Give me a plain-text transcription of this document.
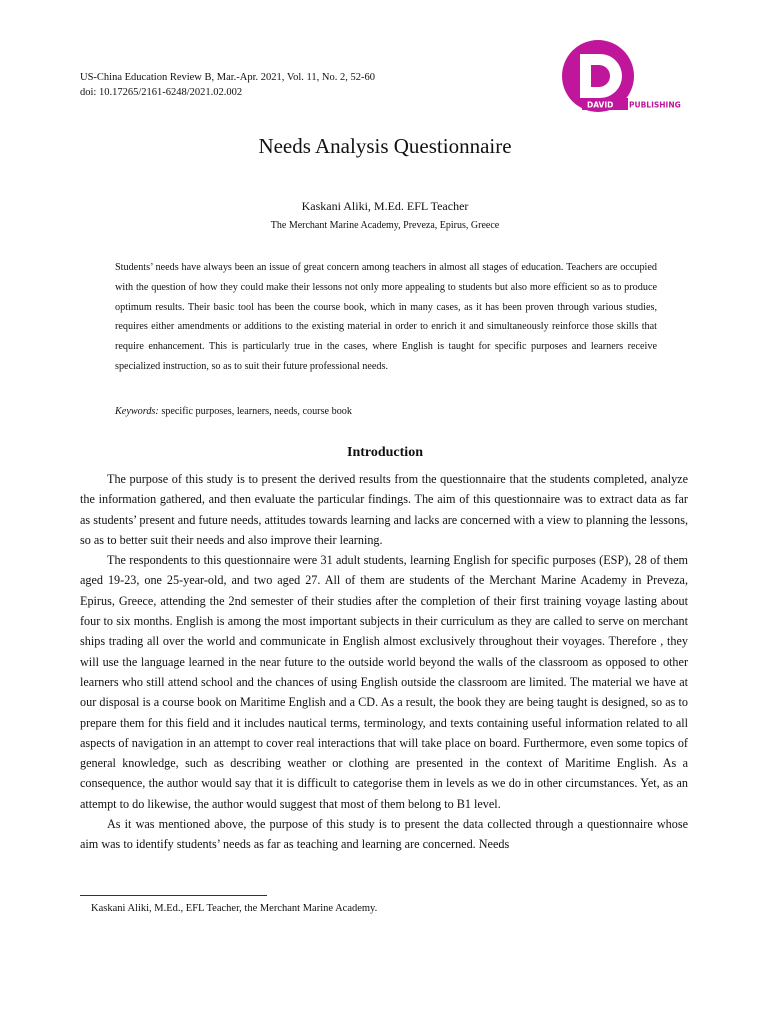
US-China Education Review B, Mar.-Apr. 2021, Vol. 11, No. 2, 52-60
doi: 10.17265/2161-6248/2021.02.002
DAVID PUBLISHING
Needs Analysis Questionnaire
Kaskani Aliki, M.Ed. EFL Teacher
The Merchant Marine Academy, Preveza, Epirus, Greece

Students’ needs have always been an issue of great concern among teachers in almost all stages of education. Teachers are occupied with the question of how they could make their lessons not only more appealing to students but also more efficient so as to produce optimum results. Their basic tool has been the course book, which in many cases, as it has been proven through various studies, requires either amendments or additions to the existing material in order to enrich it and simultaneously reinforce those skills that require enhancement. This is particularly true in the cases, where English is taught for specific purposes and learners receive specialized instruction, so as to suit their future professional needs.

Keywords: specific purposes, learners, needs, course book
Introduction

The purpose of this study is to present the derived results from the questionnaire that the students completed, analyze the information gathered, and then evaluate the particular findings. The aim of this questionnaire was to extract data as far as students’ present and future needs, attitudes towards learning and lacks are concerned with a view to planning the lessons, so as to better suit their needs and also improve their learning.

The respondents to this questionnaire were 31 adult students, learning English for specific purposes (ESP), 28 of them aged 19-23, one 25-year-old, and two aged 27. All of them are students of the Merchant Marine Academy in Preveza, Epirus, Greece, attending the 2nd semester of their studies after the completion of their first training voyage lasting about four to six months. English is among the most important subjects in their curriculum as they are called to serve on merchant ships trading all over the world and communicate in English almost exclusively throughout their voyages. Therefore , they will use the language learned in the near future to the outside world beyond the walls of the classroom as opposed to other learners who still attend school and the chances of using English outside the classroom are limited. The material we have at our disposal is a course book on Maritime English and a CD. As a result, the book they are being taught is designed, so as to prepare them for this field and it includes nautical terms, terminology, and texts containing useful information related to all aspects of navigation in an attempt to cover real interactions that will take place on board. Furthermore, even some topics of general knowledge, such as describing weather or clothing are presented in the context of Maritime English. As a consequence, the author would say that it is difficult to categorise them in levels as we do in other circumstances. Yet, as an attempt to do likewise, the author would suggest that most of them belong to B1 level.

As it was mentioned above, the purpose of this study is to present the data collected through a questionnaire whose aim was to identify students’ needs as far as teaching and learning are concerned. Needs

Kaskani Aliki, M.Ed., EFL Teacher, the Merchant Marine Academy.
